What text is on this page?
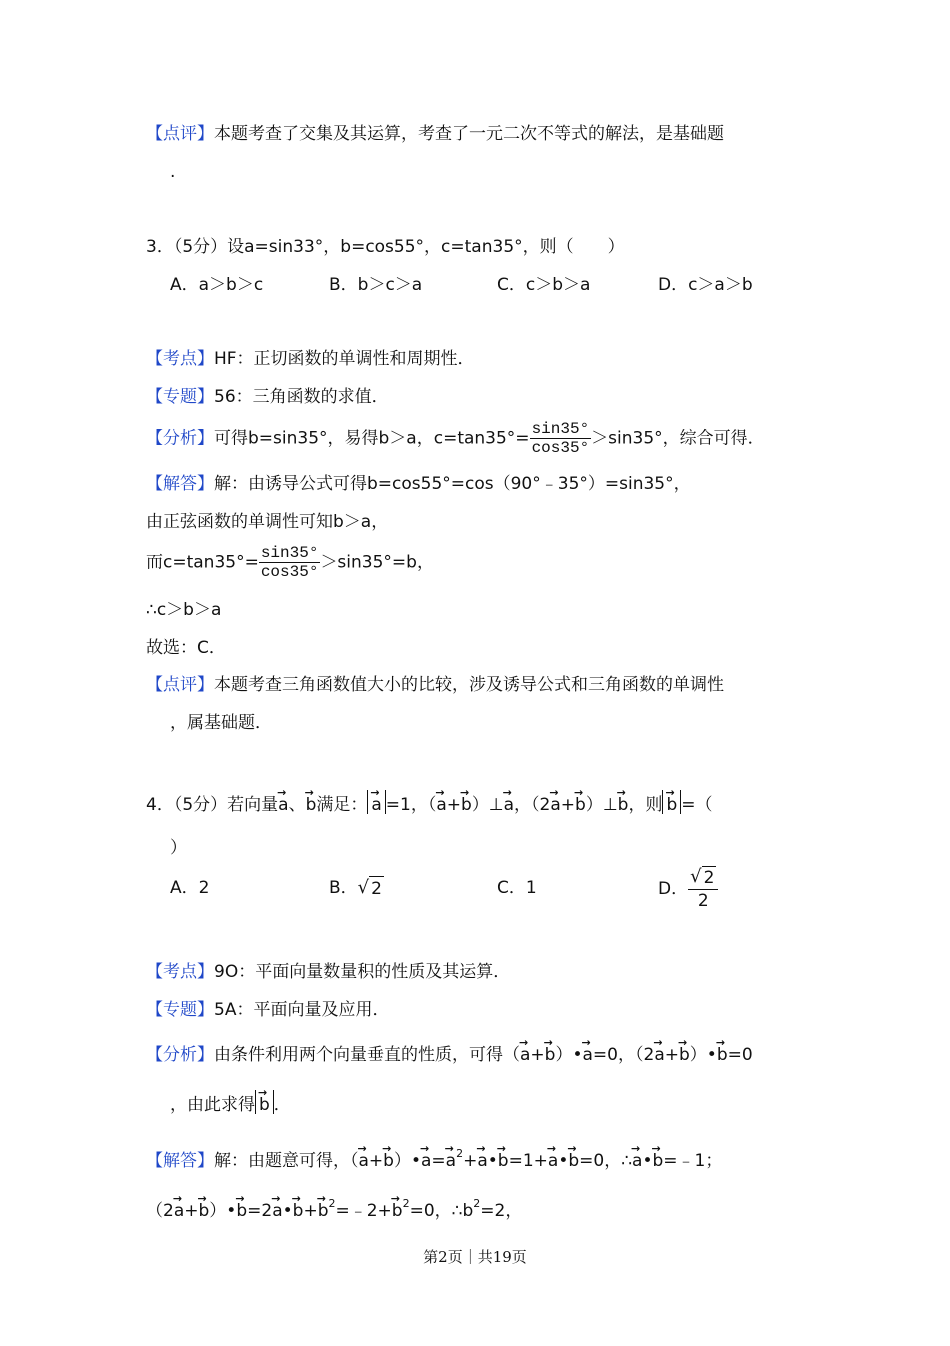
【点评】本题考查了交集及其运算，考查了一元二次不等式的解法，是基础题
.
3．（5分）设a=sin33°，b=cos55°，c=tan35°，则（　　）
A．a＞b＞c	B．b＞c＞a	C．c＞b＞a	D．c＞a＞b
【考点】HF：正切函数的单调性和周期性．
【专题】56：三角函数的求值．
【分析】可得b=sin35°，易得b＞a，$c=\tan 35^\circ= \frac{\sin 35^\circ}{\cos 35^\circ} >\sin 35^\circ$，综合可得．
【解答】解：由诱导公式可得b=cos55°=cos（90°﹣35°）=sin35°，
由正弦函数的单调性可知b＞a，
而$c=\tan 35^\circ= \frac{\sin 35^\circ}{\cos 35^\circ} >\sin 35^\circ=b$，
∴c＞b＞a
故选：C．
【点评】本题考查三角函数值大小的比较，涉及诱导公式和三角函数的单调性
，属基础题．
4．（5分）若向量→ a、→ b满足： → a =1，（→ a+→ b）⊥→ a，（2→ a+→ b）⊥→ b，则 → b =（
）
A．2	B． √ 2	C．1	D． $\frac{√ 2}{2}$
【考点】9O：平面向量数量积的性质及其运算．
【专题】5A：平面向量及应用．
【分析】由条件利用两个向量垂直的性质，可得（→ a+→ b）•→ a=0，（2→ a+→ b）•→ b=0
，由此求得 → b ．
【解答】解：由题意可得，（→ a+→ b）•→ $a=\to a^2+\to$ a•→ b=1+→ a•→ b=0，∴→ a•→ b=﹣1；
（2→ a+→ b）•→ b=2→ a•→ $b+\to b^2=﹣2+\to b^2=0$，$\therefore b^2=2$，
第2页｜共19页
